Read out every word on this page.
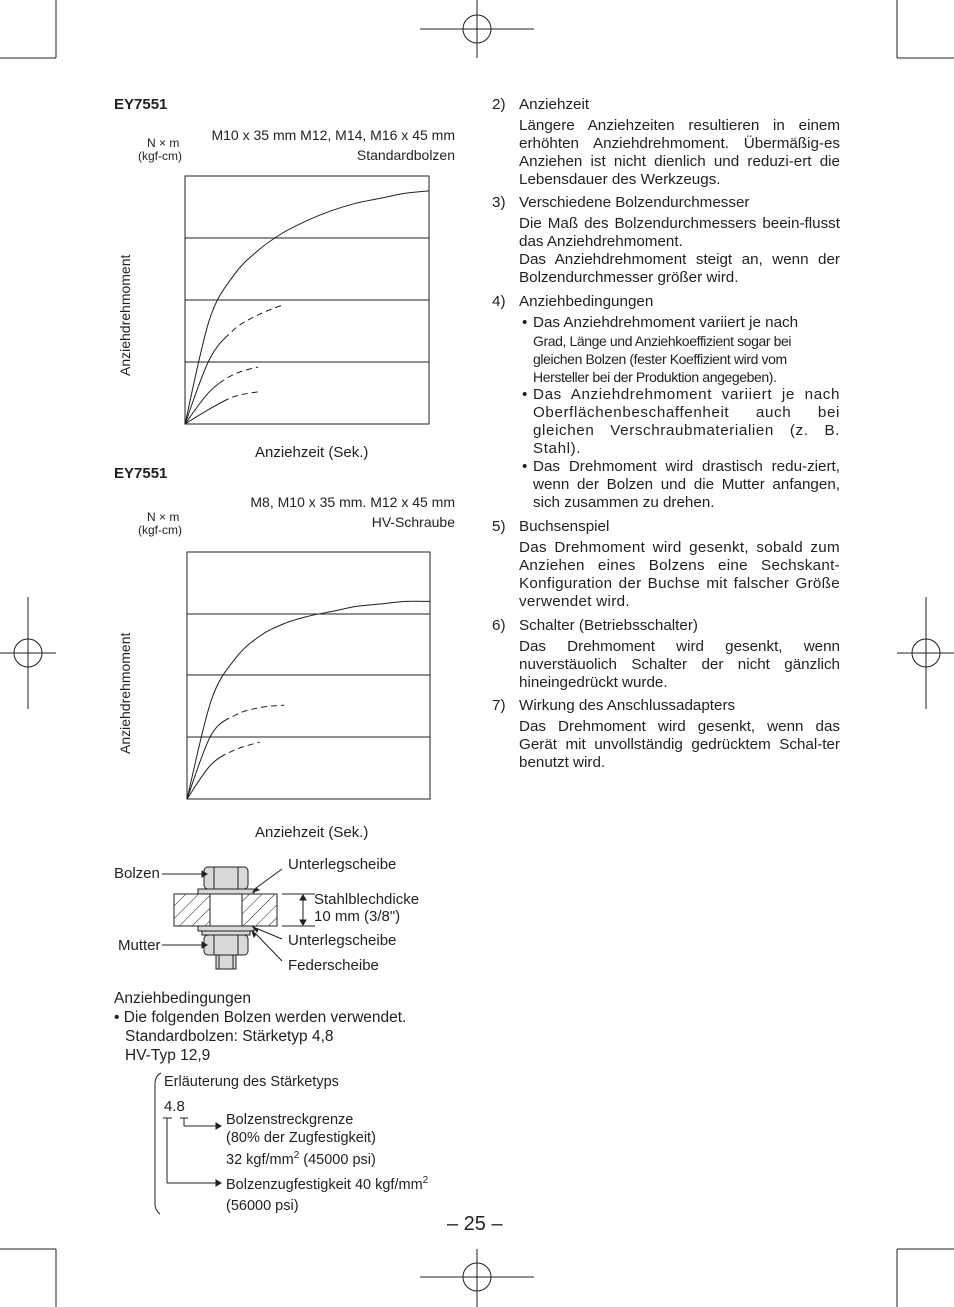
EY7551
N × m
(kgf-cm)
M10 x 35 mm M12, M14, M16 x 45 mm
Standardbolzen
Anziehdrehmoment
Anziehzeit (Sek.)
EY7551
N × m
(kgf-cm)
M8, M10 x 35 mm. M12 x 45 mm
HV-Schraube
Anziehdrehmoment
Anziehzeit (Sek.)
Bolzen
Mutter
Unterlegscheibe
Stahlblechdicke
10 mm (3/8")
Unterlegscheibe
Federscheibe
Anziehbedingungen
• Die folgenden Bolzen werden verwendet.
Standardbolzen: Stärketyp 4,8
HV-Typ 12,9
Erläuterung des Stärketyps
4.8
Bolzenstreckgrenze
(80% der Zugfestigkeit)
32 kgf/$mm^2$ (45000 psi)
Bolzenzugfestigkeit 40 kgf/$mm^2$
(56000 psi)
2) Anziehzeit
Längere Anziehzeiten resultieren in einem erhöhten Anziehdrehmoment. Übermäßig-es Anziehen ist nicht dienlich und reduzi-ert die Lebensdauer des Werkzeugs.
3) Verschiedene Bolzendurchmesser
Die Maß des Bolzendurchmessers beein-flusst das Anziehdrehmoment.
Das Anziehdrehmoment steigt an, wenn der Bolzendurchmesser größer wird.
4) Anziehbedingungen
• Das Anziehdrehmoment variiert je nach
Grad, Länge und Anziehkoeffizient sogar bei gleichen Bolzen (fester Koeffizient wird vom Hersteller bei der Produktion angegeben).
• Das Anziehdrehmoment variiert je nach Oberflächenbeschaffenheit auch bei gleichen Verschraubmaterialien (z. B. Stahl).
• Das Drehmoment wird drastisch redu-ziert, wenn der Bolzen und die Mutter anfangen, sich zusammen zu drehen.
5) Buchsenspiel
Das Drehmoment wird gesenkt, sobald zum Anziehen eines Bolzens eine Sechskant-Konfiguration der Buchse mit falscher Größe verwendet wird.
6) Schalter (Betriebsschalter)
Das Drehmoment wird gesenkt, wenn nuverstäuolich Schalter der nicht gänzlich hineingedrückt wurde.
7) Wirkung des Anschlussadapters
Das Drehmoment wird gesenkt, wenn das Gerät mit unvollständig gedrücktem Schal-ter benutzt wird.
– 25 –
